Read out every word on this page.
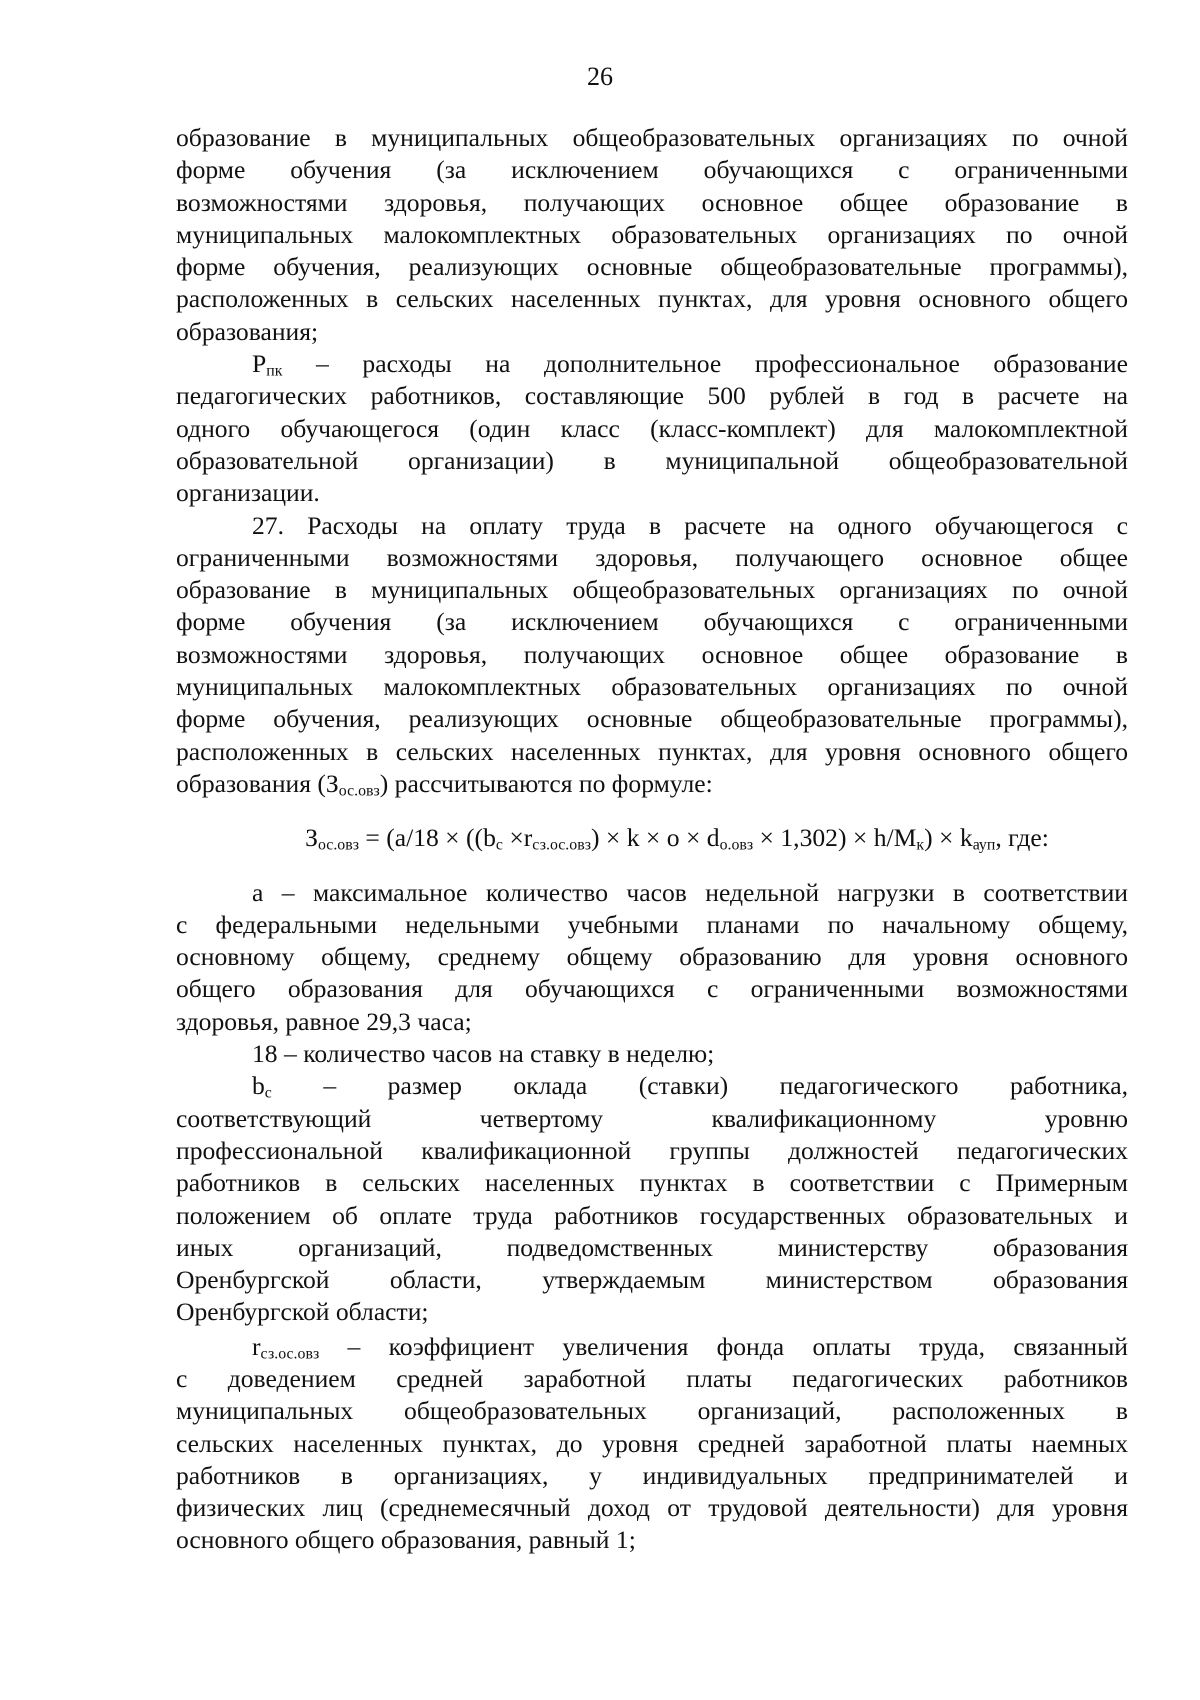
26
образование в муниципальных общеобразовательных организациях по очной
форме обучения (за исключением обучающихся с ограниченными
возможностями здоровья, получающих основное общее образование в
муниципальных малокомплектных образовательных организациях по очной
форме обучения, реализующих основные общеобразовательные программы),
расположенных в сельских населенных пунктах, для уровня основного общего
образования;
$Р_{пк}$ – расходы на дополнительное профессиональное образование
педагогических работников, составляющие 500 рублей в год в расчете на
одного обучающегося (один класс (класс-комплект) для малокомплектной
образовательной организации) в муниципальной общеобразовательной
организации.
27. Расходы на оплату труда в расчете на одного обучающегося с
ограниченными возможностями здоровья, получающего основное общее
образование в муниципальных общеобразовательных организациях по очной
форме обучения (за исключением обучающихся с ограниченными
возможностями здоровья, получающих основное общее образование в
муниципальных малокомплектных образовательных организациях по очной
форме обучения, реализующих основные общеобразовательные программы),
расположенных в сельских населенных пунктах, для уровня основного общего
образования $(З_{ос.овз})$ рассчитываются по формуле:
$З_{ос.овз} = (a/18 \times ((b_c \times r_{сз.ос.овз}) \times k \times o \times d_{о.овз} \times 1,302) \times h/M_к) \times k_{ауп}$, где:
а – максимальное количество часов недельной нагрузки в соответствии
с федеральными недельными учебными планами по начальному общему,
основному общему, среднему общему образованию для уровня основного
общего образования для обучающихся с ограниченными возможностями
здоровья, равное 29,3 часа;
18 – количество часов на ставку в неделю;
$b_с$ – размер оклада (ставки) педагогического работника,
соответствующий четвертому квалификационному уровню
профессиональной квалификационной группы должностей педагогических
работников в сельских населенных пунктах в соответствии с Примерным
положением об оплате труда работников государственных образовательных и
иных организаций, подведомственных министерству образования
Оренбургской области, утверждаемым министерством образования
Оренбургской области;
$r_{сз.ос.овз}$ – коэффициент увеличения фонда оплаты труда, связанный
с доведением средней заработной платы педагогических работников
муниципальных общеобразовательных организаций, расположенных в
сельских населенных пунктах, до уровня средней заработной платы наемных
работников в организациях, у индивидуальных предпринимателей и
физических лиц (среднемесячный доход от трудовой деятельности) для уровня
основного общего образования, равный 1;
